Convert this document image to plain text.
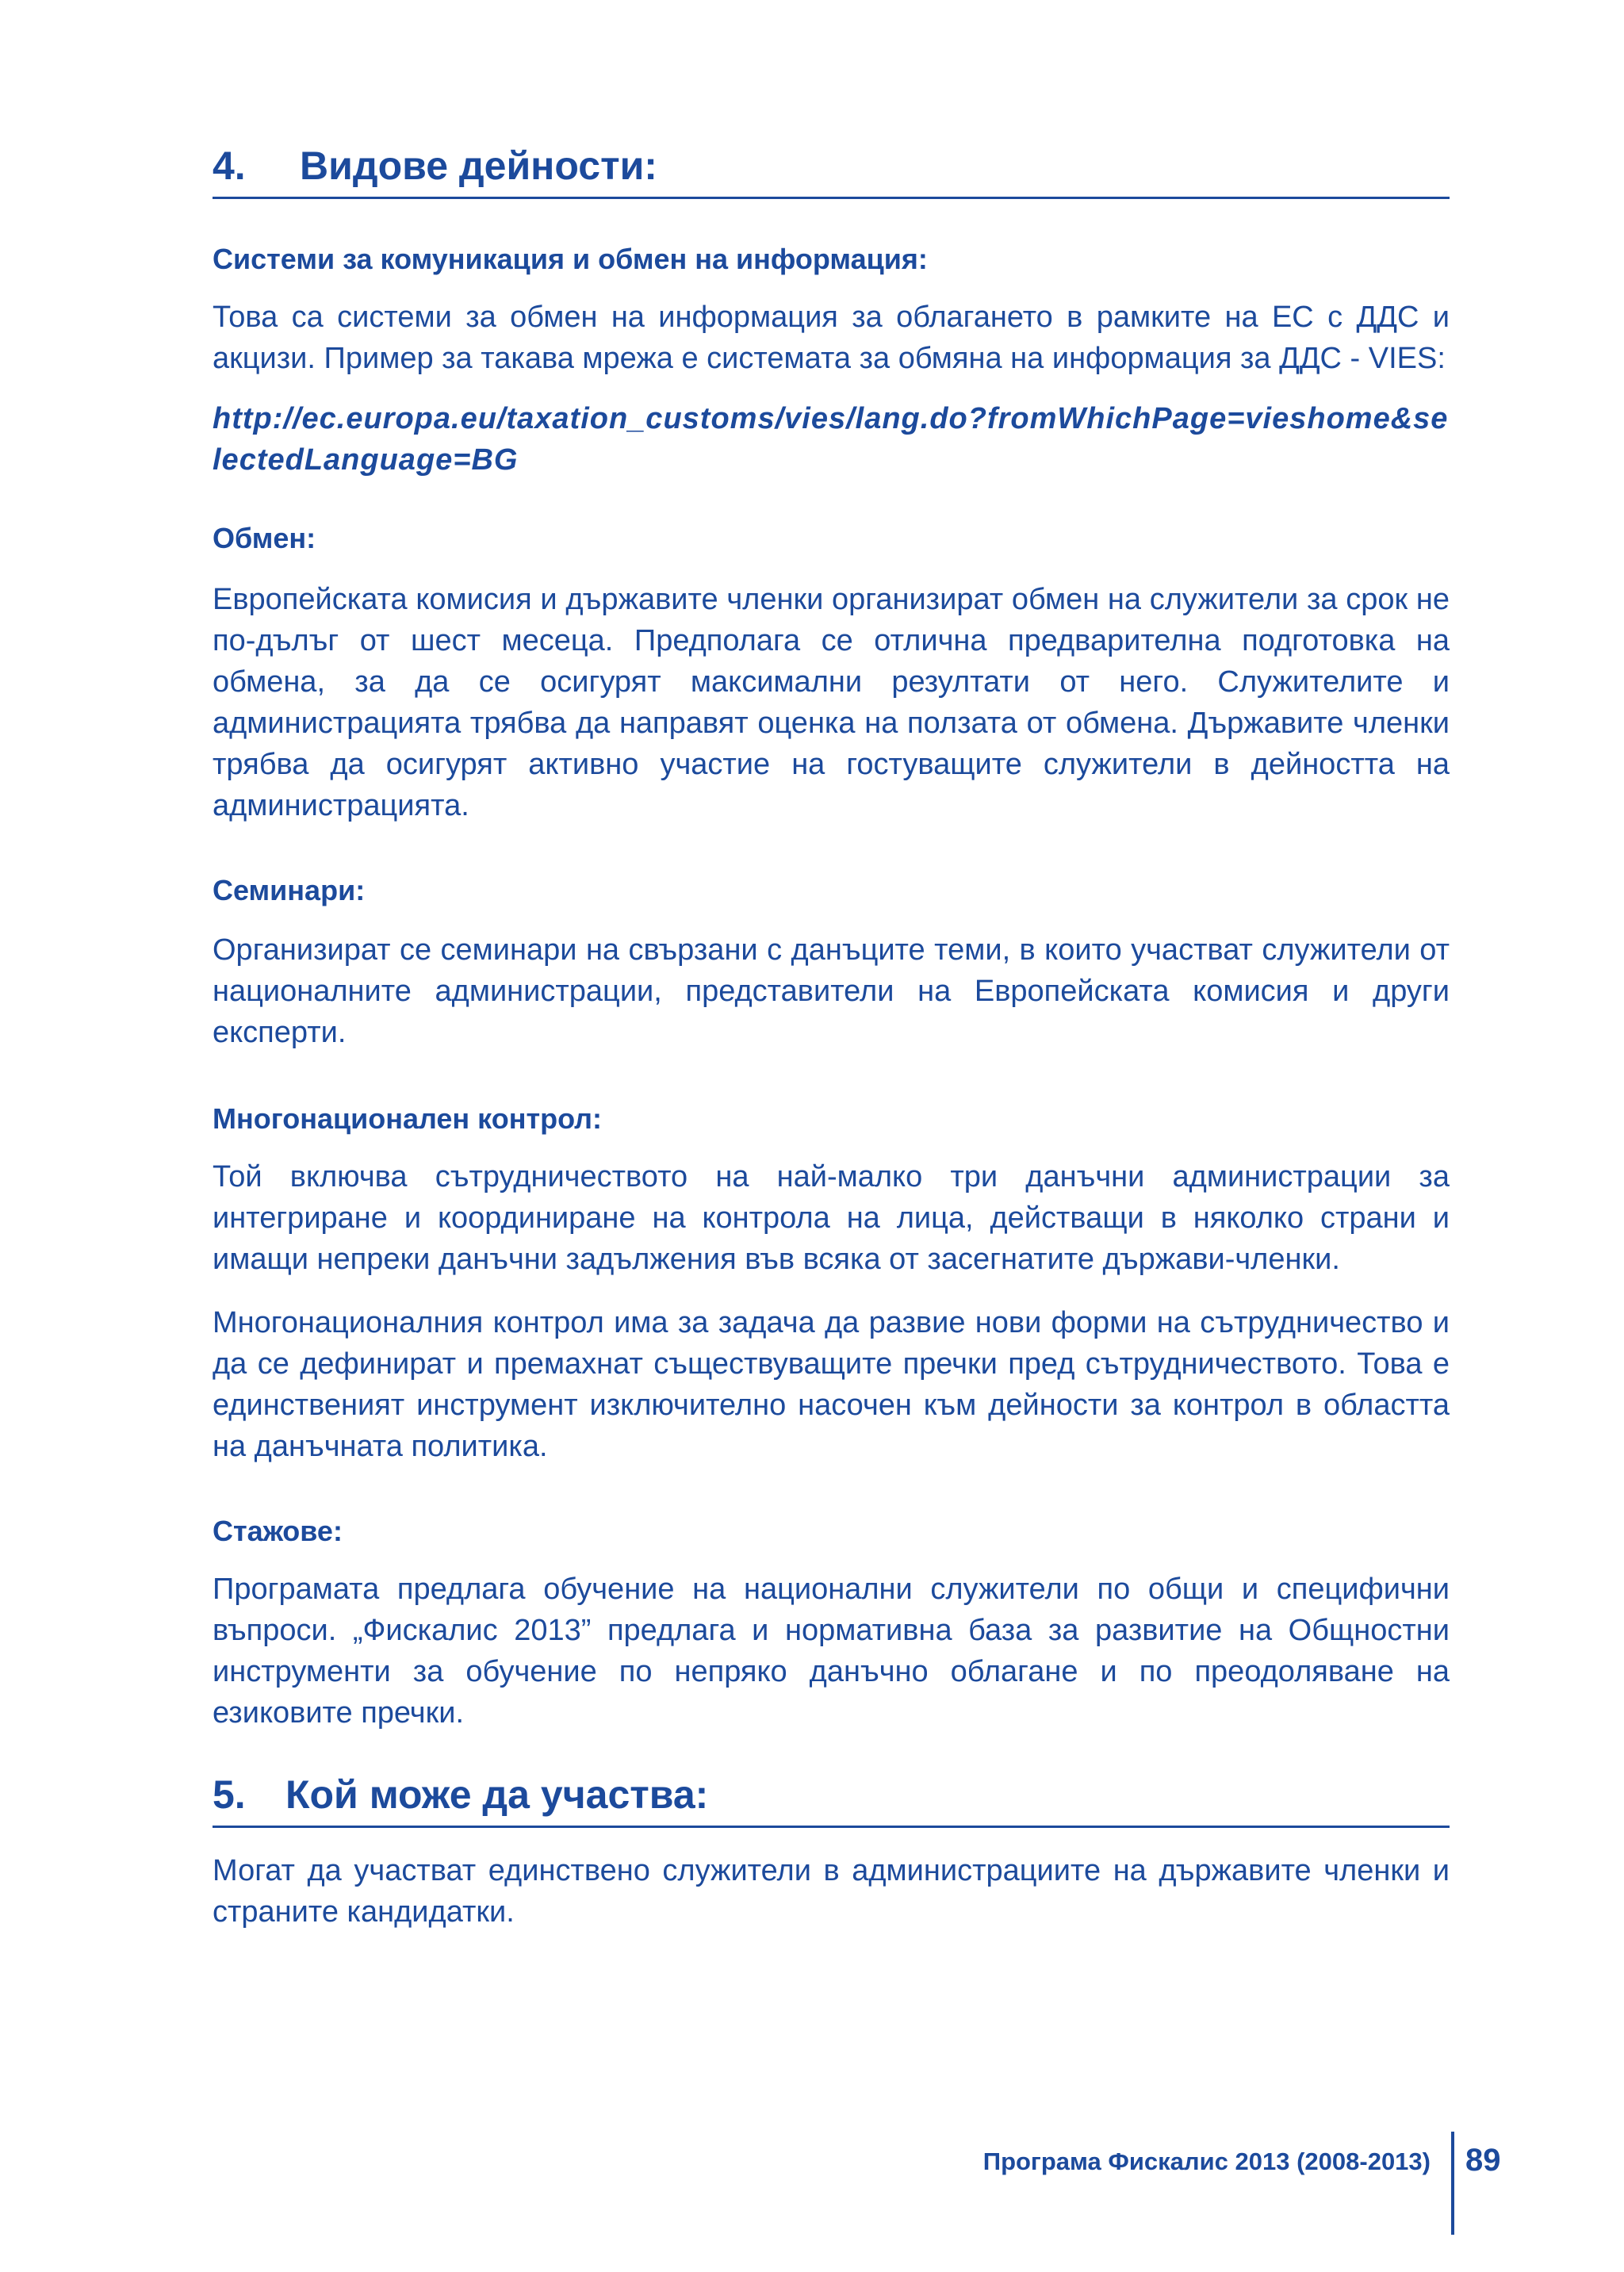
4.	Видове дейности:
Системи за комуникация и обмен на информация:

Това са системи за обмен на информация за облагането в рамките на ЕС с ДДС и акцизи. Пример за такава мрежа е системата за обмяна на информация за ДДС - VIES:

http://ec.europa.eu/taxation_customs/vies/lang.do?fromWhichPage=vieshome&selectedLanguage=BG

Обмен:

Европейската комисия и държавите членки организират обмен на служители за срок не по-дълъг от шест месеца. Предполага се отлична предварителна подготовка на обмена, за да се осигурят максимални резултати от него. Служителите и администрацията трябва да направят оценка на ползата от обмена. Държавите членки трябва да осигурят активно участие на гостуващите служители в дейността на администрацията.

Семинари:

Организират се семинари на свързани с данъците теми, в които участват служители от националните администрации, представители на Европейската комисия и други експерти.

Многонационален контрол:

Той включва сътрудничеството на най-малко три данъчни администрации за интегриране и координиране на контрола на лица, действащи в няколко страни и имащи непреки данъчни задължения във всяка от засегнатите държави-членки.

Многонационалния контрол има за задача да развие нови форми на сътрудничество и да се дефинират и премахнат съществуващите пречки пред сътрудничеството. Това е единственият инструмент изключително насочен към дейности за контрол в областта на данъчната политика.

Стажове:

Програмата предлага обучение на национални служители по общи и специфични въпроси. „Фискалис 2013” предлага и нормативна база за развитие на Общностни инструменти за обучение по непряко данъчно облагане и по преодоляване на езиковите пречки.

5.	Кой може да участва:

Могат да участват единствено служители в администрациите на държавите членки и страните кандидатки.

Програма Фискалис 2013 (2008-2013) 89
